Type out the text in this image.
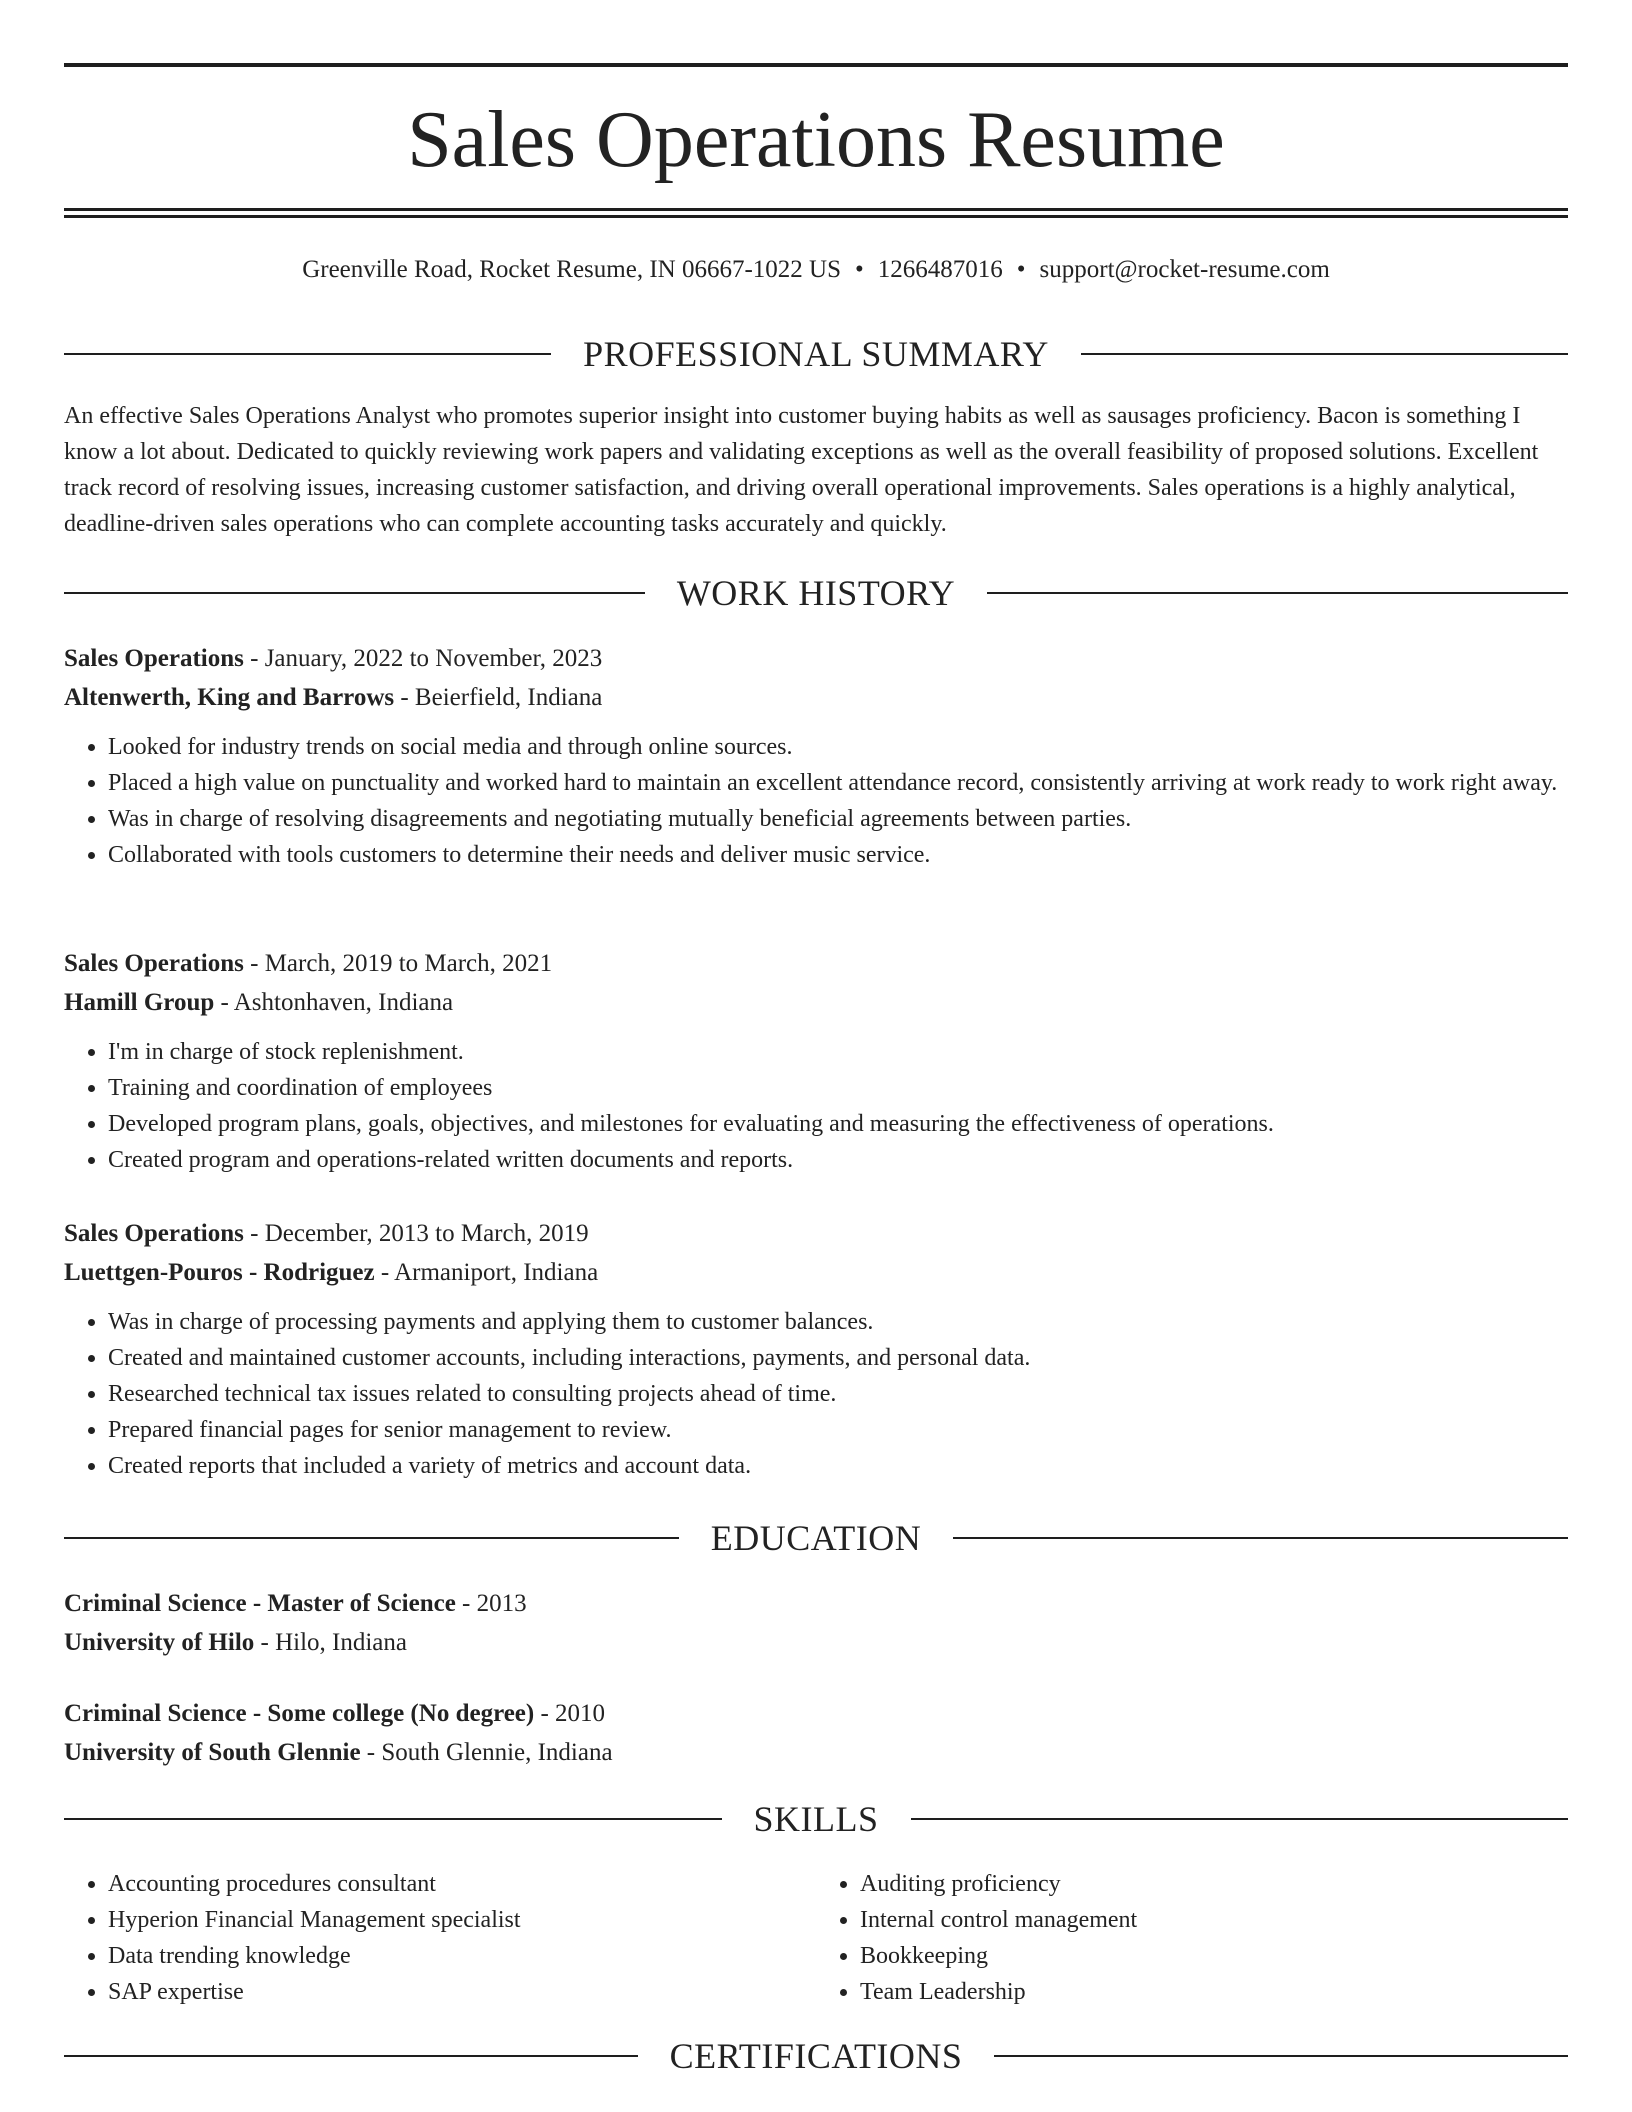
Sales Operations Resume
Greenville Road, Rocket Resume, IN 06667-1022 US • 1266487016 • support@rocket-resume.com
PROFESSIONAL SUMMARY

An effective Sales Operations Analyst who promotes superior insight into customer buying habits as well as sausages proficiency. Bacon is something I know a lot about. Dedicated to quickly reviewing work papers and validating exceptions as well as the overall feasibility of proposed solutions. Excellent track record of resolving issues, increasing customer satisfaction, and driving overall operational improvements. Sales operations is a highly analytical, deadline-driven sales operations who can complete accounting tasks accurately and quickly.

WORK HISTORY
Sales Operations - January, 2022 to November, 2023
Altenwerth, King and Barrows - Beierfield, Indiana
• Looked for industry trends on social media and through online sources.
• Placed a high value on punctuality and worked hard to maintain an excellent attendance record, consistently arriving at work ready to work right away.
• Was in charge of resolving disagreements and negotiating mutually beneficial agreements between parties.
• Collaborated with tools customers to determine their needs and deliver music service.
Sales Operations - March, 2019 to March, 2021
Hamill Group - Ashtonhaven, Indiana
• I'm in charge of stock replenishment.
• Training and coordination of employees
• Developed program plans, goals, objectives, and milestones for evaluating and measuring the effectiveness of operations.
• Created program and operations-related written documents and reports.
Sales Operations - December, 2013 to March, 2019
Luettgen-Pouros - Rodriguez - Armaniport, Indiana
• Was in charge of processing payments and applying them to customer balances.
• Created and maintained customer accounts, including interactions, payments, and personal data.
• Researched technical tax issues related to consulting projects ahead of time.
• Prepared financial pages for senior management to review.
• Created reports that included a variety of metrics and account data.
EDUCATION
Criminal Science - Master of Science - 2013
University of Hilo - Hilo, Indiana
Criminal Science - Some college (No degree) - 2010
University of South Glennie - South Glennie, Indiana
SKILLS
• Accounting procedures consultant
• Hyperion Financial Management specialist
• Data trending knowledge
• SAP expertise
• Auditing proficiency
• Internal control management
• Bookkeeping
• Team Leadership
CERTIFICATIONS
